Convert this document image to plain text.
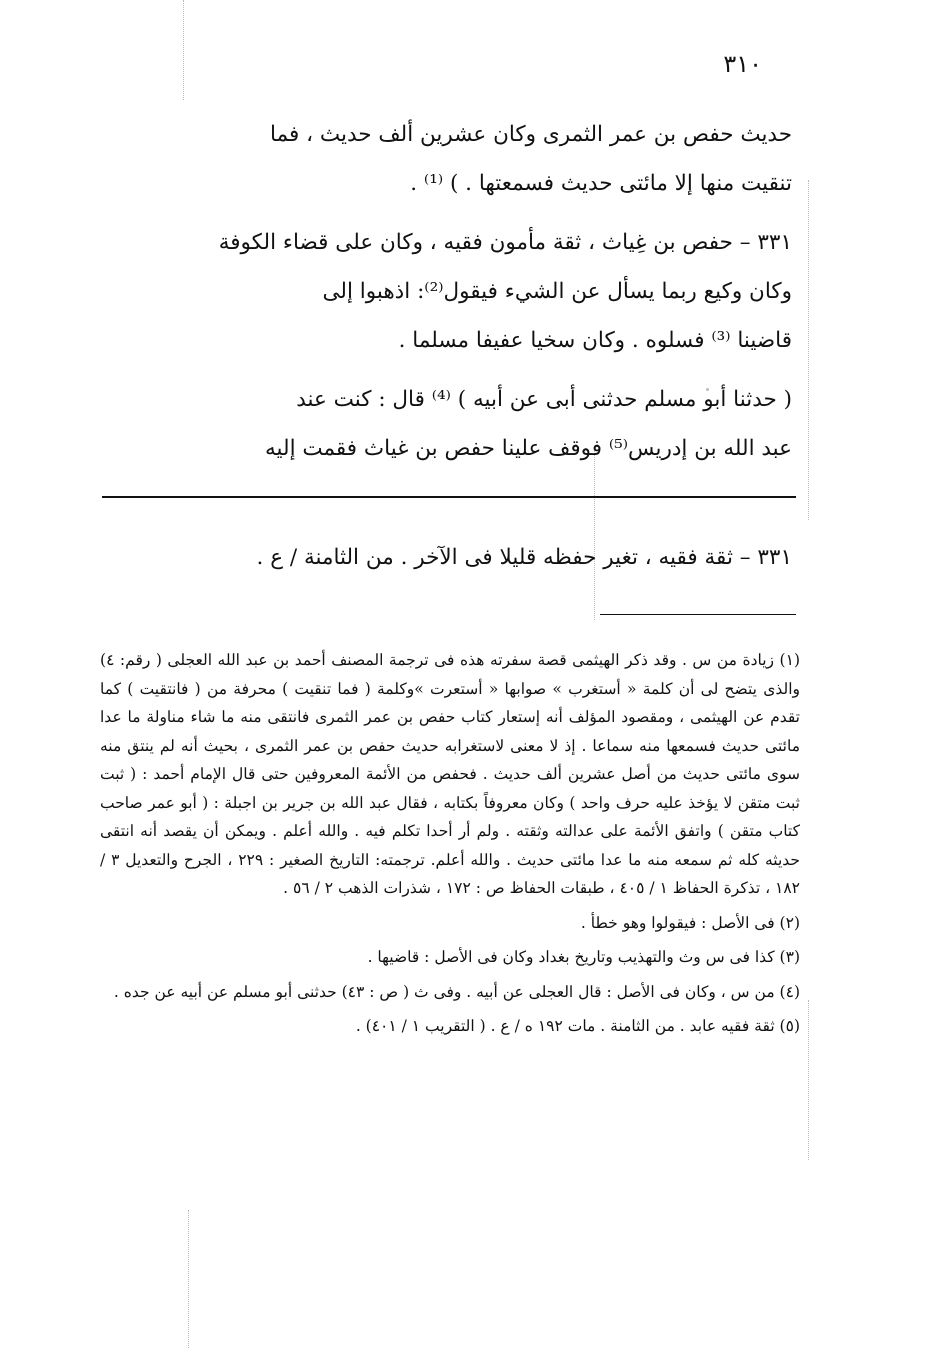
٣١٠

حديث حفص بن عمر الثمرى وكان عشرين ألف حديث ، فما

تنقيت منها إلا مائتى حديث فسمعتها . ) ⁽¹⁾ .

٣٣١ – حفص بن غِياث ، ثقة مأمون فقيه ، وكان على قضاء الكوفة

وكان وكيع ربما يسأل عن الشيء فيقول⁽²⁾: اذهبوا إلى

قاضينا ⁽³⁾ فسلوه . وكان سخيا عفيفا مسلما .

( حدثنا أبو مسلم حدثنى أبى عن أبيه ) ⁽⁴⁾ قال : كنت عند

عبد الله بن إدريس⁽⁵⁾ فوقف علينا حفص بن غياث فقمت إليه

٣٣١ – ثقة فقيه ، تغير حفظه قليلا فى الآخر . من الثامنة / ع .

(١) زيادة من س . وقد ذكر الهيثمى قصة سفرته هذه فى ترجمة المصنف أحمد بن عبد الله العجلى ( رقم: ٤) والذى يتضح لى أن كلمة « أستغرب » صوابها « أستعرت »وكلمة ( فما تنقيت ) محرفة من ( فانتقيت ) كما تقدم عن الهيثمى ، ومقصود المؤلف أنه إستعار كتاب حفص بن عمر الثمرى فانتقى منه ما شاء مناولة ما عدا مائتى حديث فسمعها منه سماعا . إذ لا معنى لاستغرابه حديث حفص بن عمر الثمرى ، بحيث أنه لم ينتق منه سوى مائتى حديث من أصل عشرين ألف حديث . فحفص من الأئمة المعروفين حتى قال الإمام أحمد : ( ثبت ثبت متقن لا يؤخذ عليه حرف واحد ) وكان معروفاً بكتابه ، فقال عبد الله بن جرير بن اجبلة : ( أبو عمر صاحب كتاب متقن ) واتفق الأئمة على عدالته وثقته . ولم أر أحدا تكلم فيه . والله أعلم . ويمكن أن يقصد أنه انتقى حديثه كله ثم سمعه منه ما عدا مائتى حديث . والله أعلم. ترجمته: التاريخ الصغير : ٢٢٩ ، الجرح والتعديل ٣ / ١٨٢ ، تذكرة الحفاظ ١ / ٤٠٥ ، طبقات الحفاظ ص : ١٧٢ ، شذرات الذهب ٢ / ٥٦ .

(٢) فى الأصل : فيقولوا وهو خطأ .

(٣) كذا فى س وث والتهذيب وتاريخ بغداد وكان فى الأصل : قاضيها .

(٤) من س ، وكان فى الأصل : قال العجلى عن أبيه . وفى ث ( ص : ٤٣) حدثنى أبو مسلم عن أبيه عن جده .

(٥) ثقة فقيه عابد . من الثامنة . مات ١٩٢ ه / ع . ( التقريب ١ / ٤٠١) .
